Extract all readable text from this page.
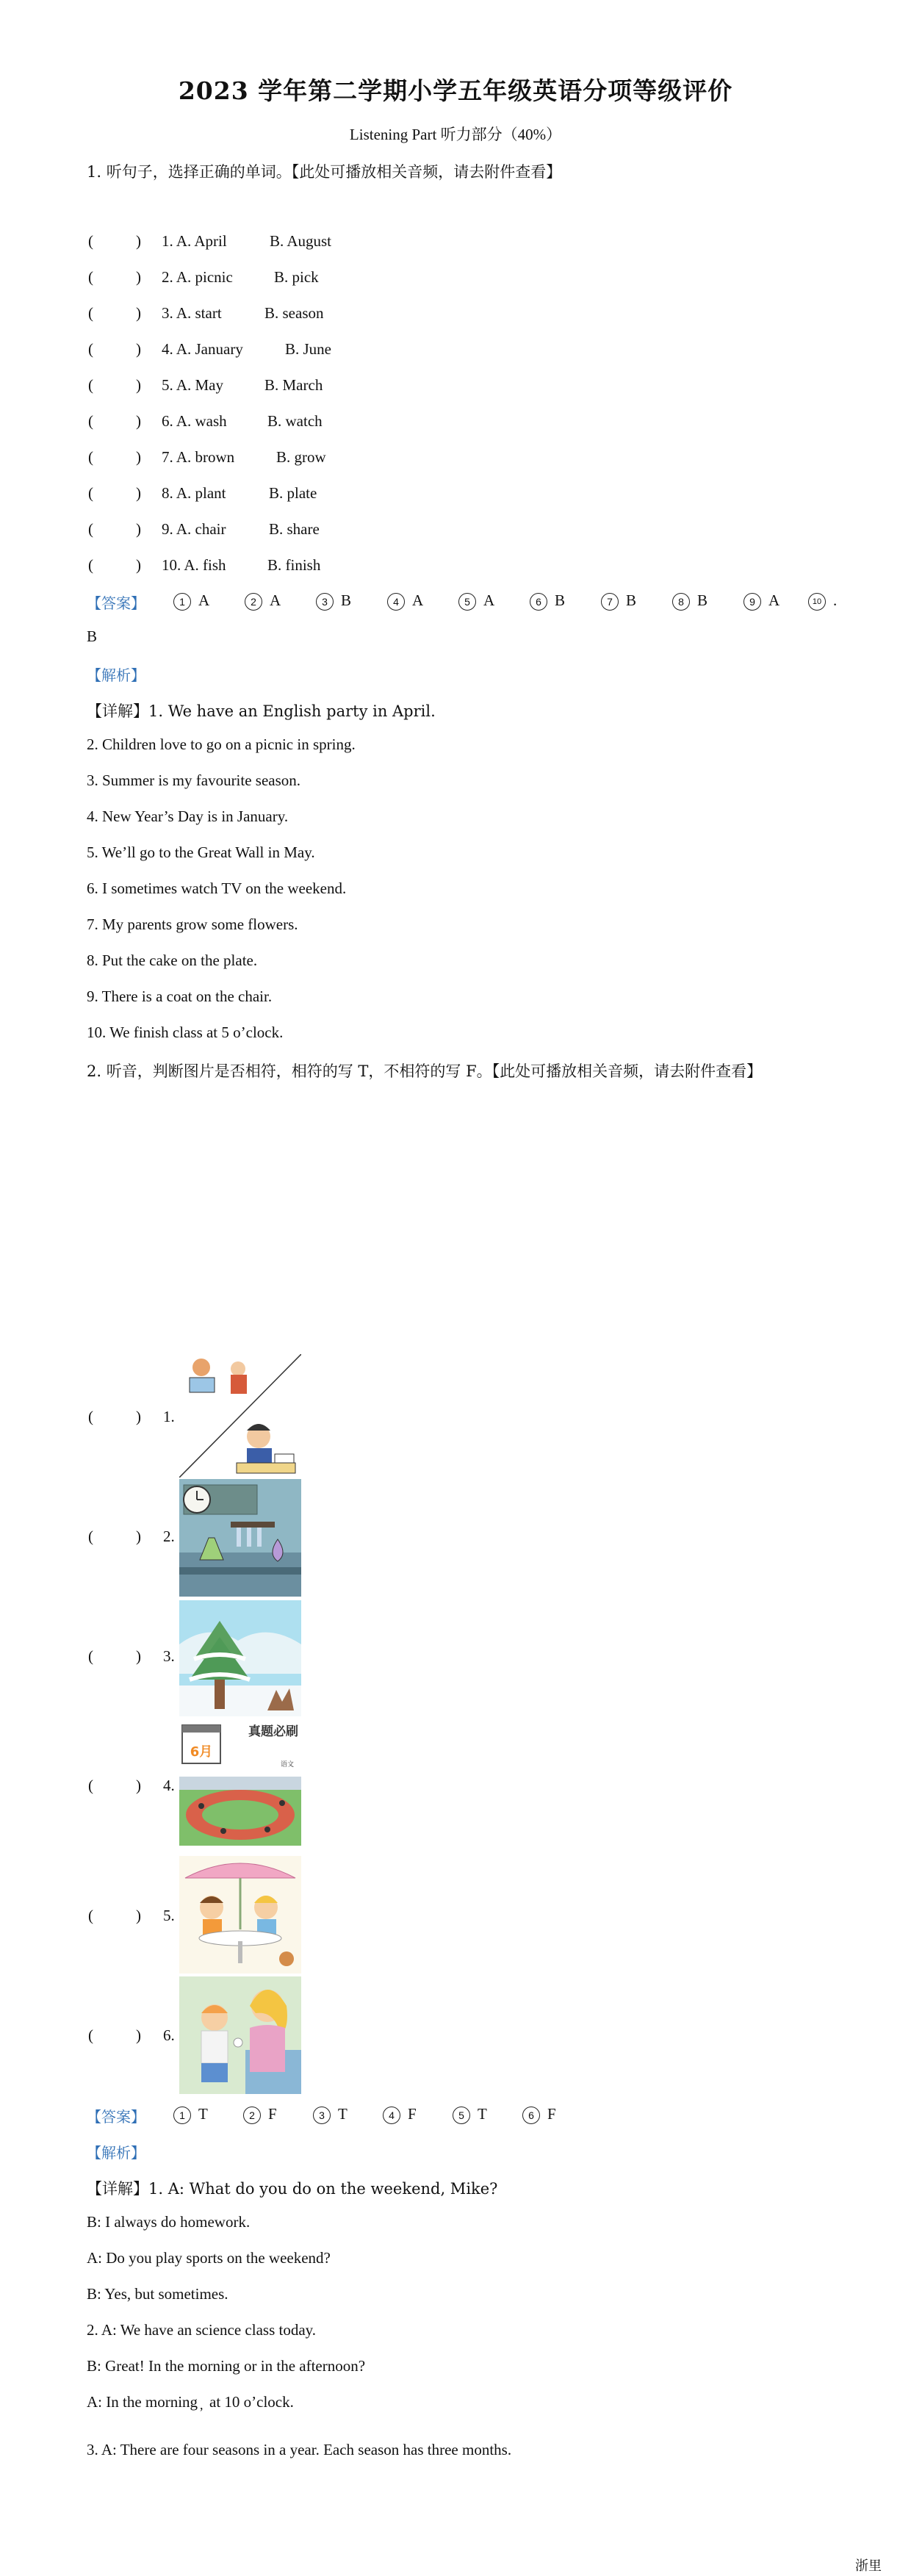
2023 学年第二学期小学五年级英语分项等级评价
Listening Part 听力部分（40%）
1. 听句子，选择正确的单词。【此处可播放相关音频，请去附件查看】
(	) 1. A. April	B. August
(	) 2. A. picnic	B. pick
(	) 3. A. start	B. season
(	) 4. A. January	B. June
(	) 5. A. May	B. March
(	) 6. A. wash	B. watch
(	) 7. A. brown	B. grow
(	) 8. A. plant	B. plate
(	) 9. A. chair	B. share
(	) 10. A. fish	B. finish
【答案】	1 A	2 A	3 B	4 A	5 A	6 B	7 B	8 B	9 A	10 .
B
【解析】
【详解】1. We have an English party in April.
2. Children love to go on a picnic in spring.
3. Summer is my favourite season.
4. New Year’s Day is in January.
5. We’ll go to the Great Wall in May.
6. I sometimes watch TV on the weekend.
7. My parents grow some flowers.
8. Put the cake on the plate.
9. There is a coat on the chair.
10. We finish class at 5 o’clock.
2. 听音，判断图片是否相符，相符的写 T，不相符的写 F。【此处可播放相关音频，请去附件查看】
(	) 1.
(	) 2.
(	) 3.
(	) 4.
6月
真题必刷
语文
(	) 5.
(	) 6.
【答案】	1 T	2 F	3 T	4 F	5 T	6 F
【解析】
【详解】1. A: What do you do on the weekend, Mike?
B: I always do homework.
A: Do you play sports on the weekend?
B: Yes, but sometimes.
2. A: We have an science class today.
B: Great! In the morning or in the afternoon?
A: In the morning , at 10 o’clock.
3. A: There are four seasons in a year. Each season has three months.
浙里
